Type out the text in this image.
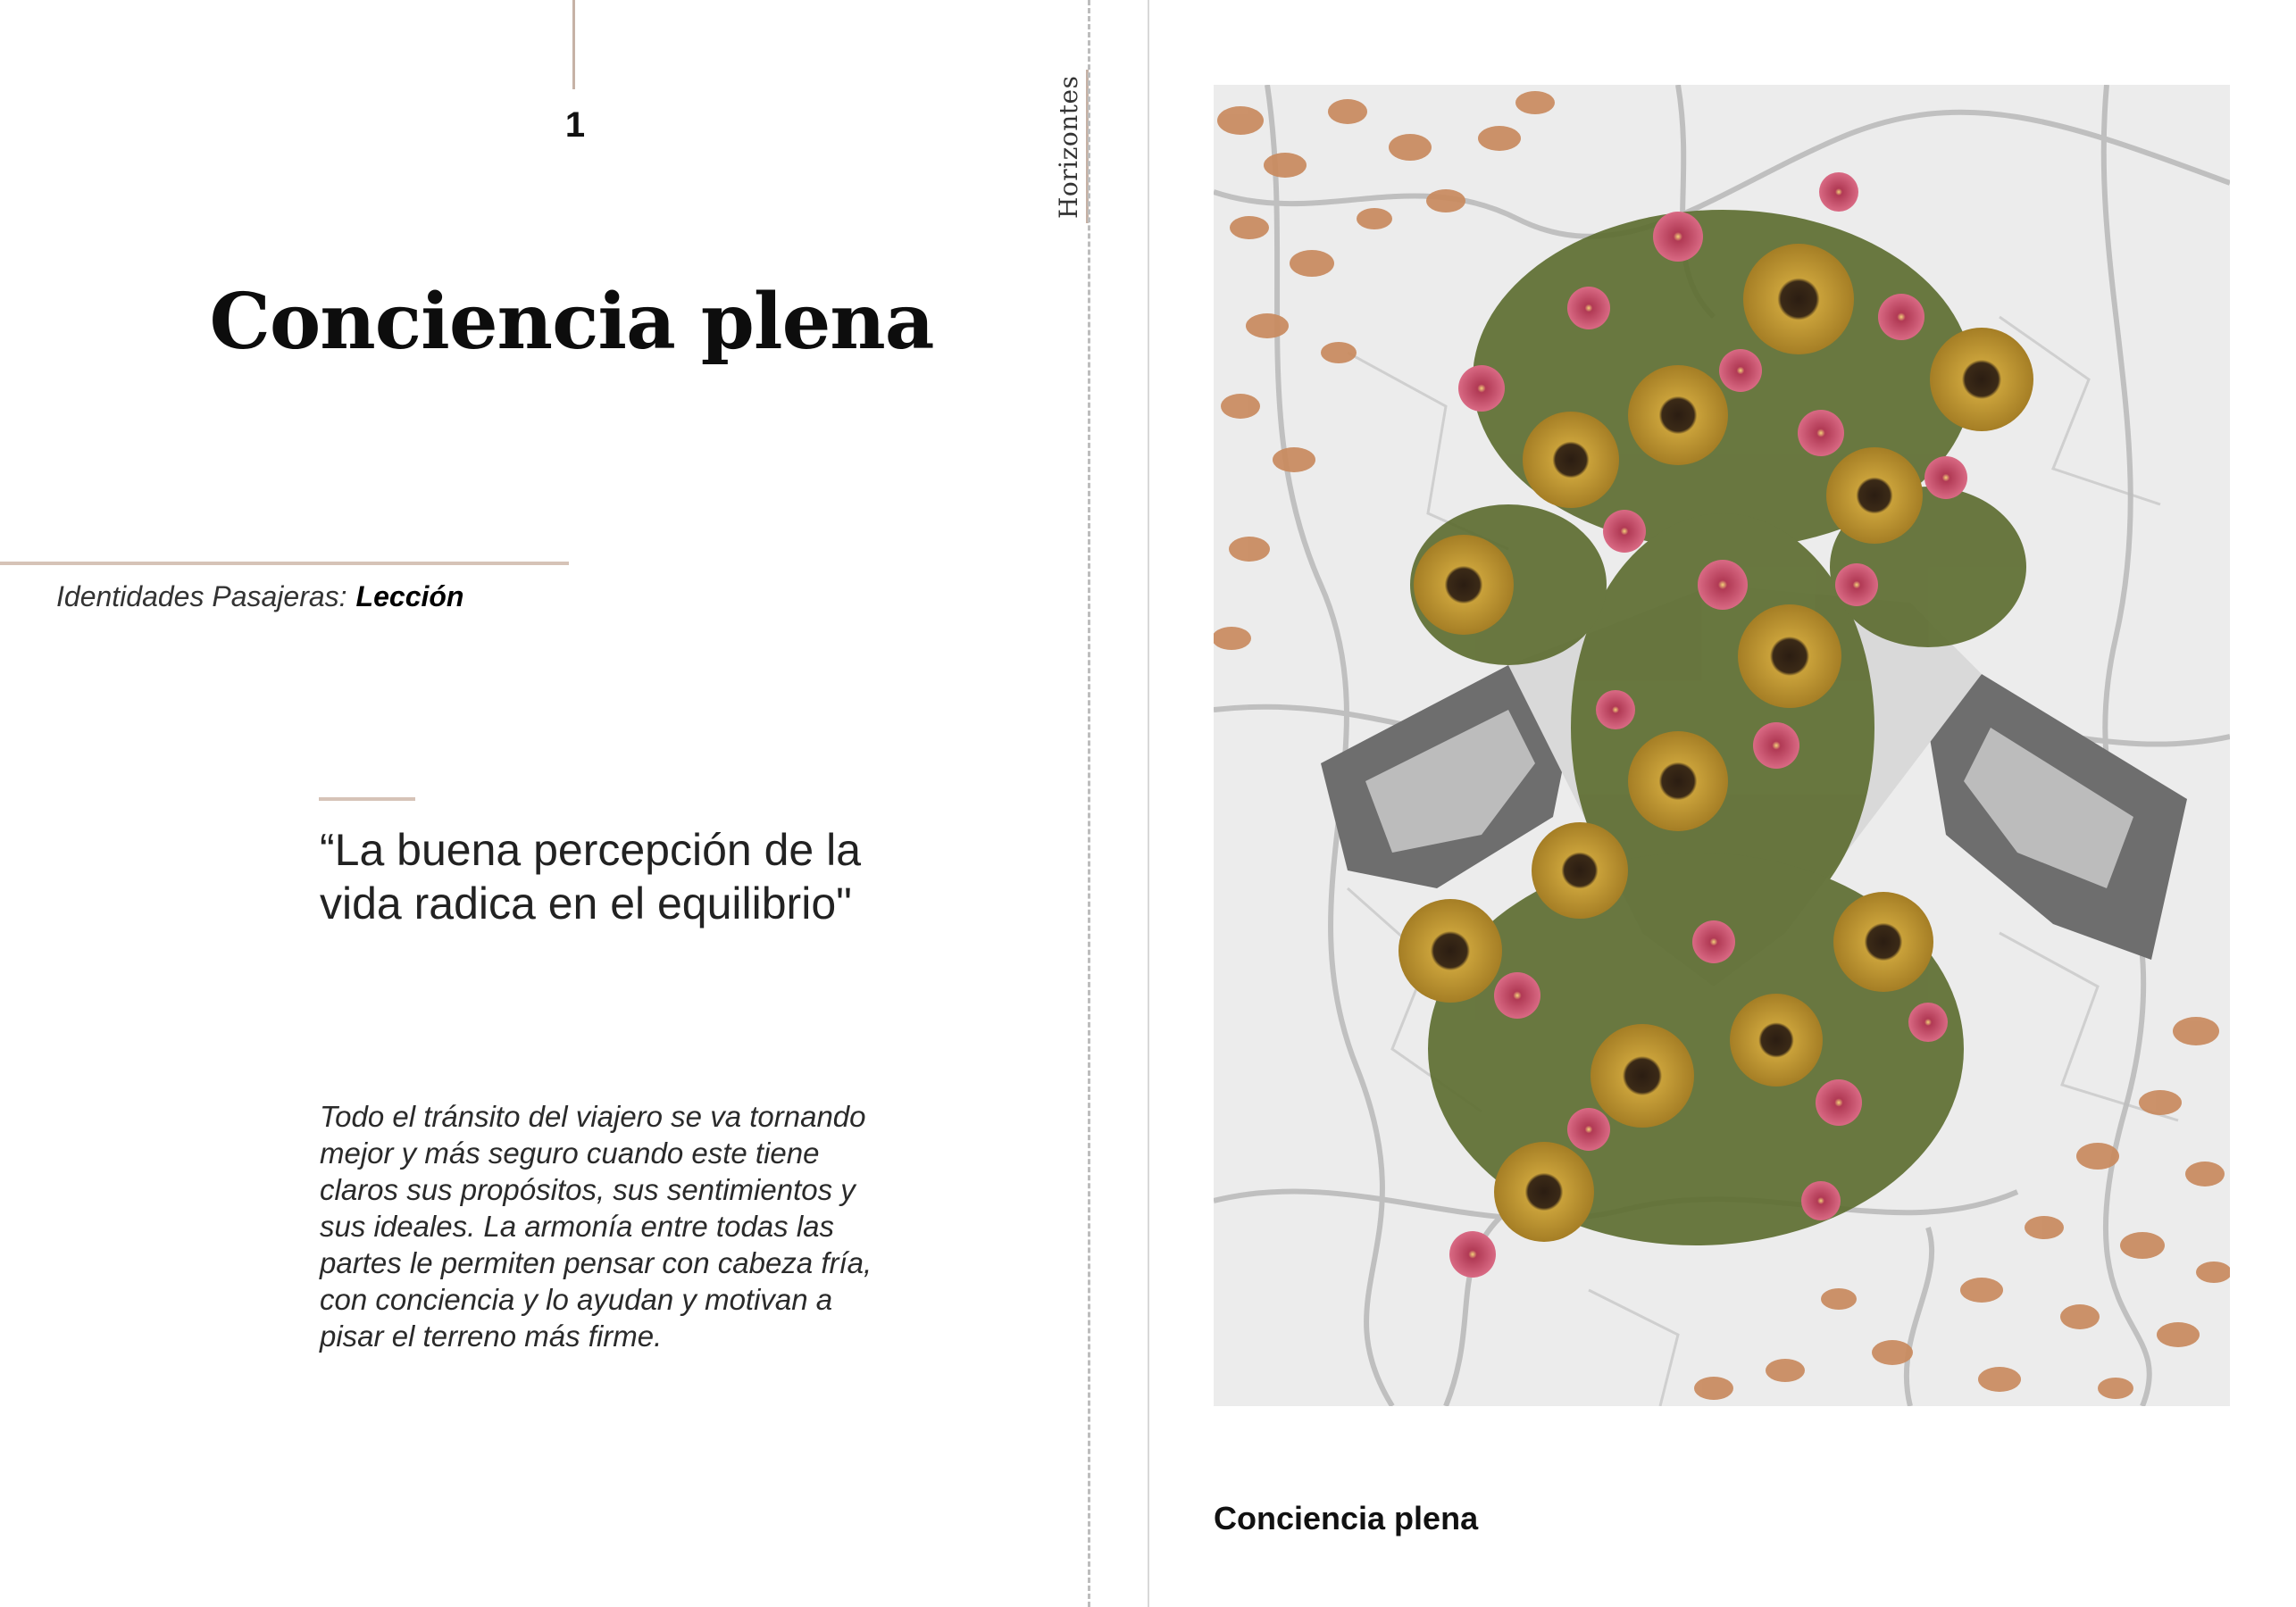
1	Horizontes
Conciencia plena
Identidades Pasajeras: Lección
“La buena percepción de la vida radica en el equilibrio"
Todo el tránsito del viajero se va tornando mejor y más seguro cuando este tiene claros sus propósitos, sus sentimientos y sus ideales. La armonía entre todas las partes le permiten pensar con cabeza fría, con conciencia y lo ayudan y motivan a pisar el terreno más firme.
Conciencia plena
